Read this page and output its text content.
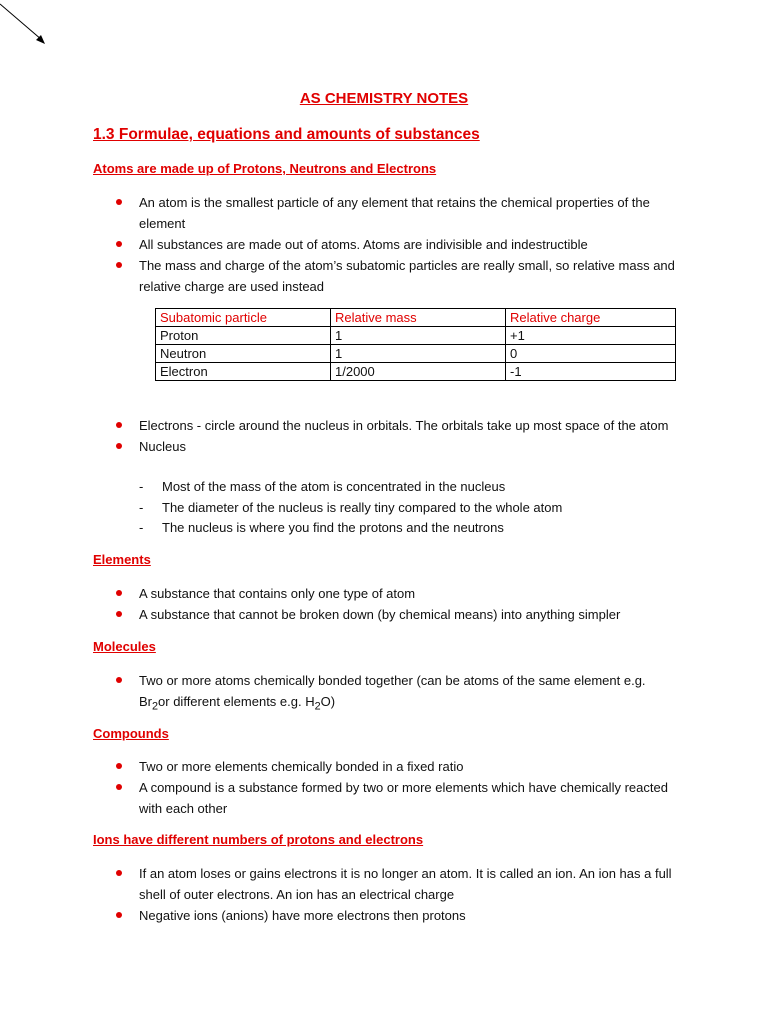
AS CHEMISTRY NOTES
1.3 Formulae, equations and amounts of substances
Atoms are made up of Protons, Neutrons and Electrons
An atom is the smallest particle of any element that retains the chemical properties of the element
All substances are made out of atoms. Atoms are indivisible and indestructible
The mass and charge of the atom’s subatomic particles are really small, so relative mass and relative charge are used instead
Subatomic particle	Relative mass	Relative charge
Proton	1	+1
Neutron	1	0
Electron	1/2000	-1
Electrons - circle around the nucleus in orbitals. The orbitals take up most space of the atom
Nucleus
- Most of the mass of the atom is concentrated in the nucleus
- The diameter of the nucleus is really tiny compared to the whole atom
- The nucleus is where you find the protons and the neutrons
Elements
A substance that contains only one type of atom
A substance that cannot be broken down (by chemical means) into anything simpler
Molecules
Two or more atoms chemically bonded together (can be atoms of the same element e.g. $Br_2or$ different elements e.g. $H_2O$)
Compounds
Two or more elements chemically bonded in a fixed ratio
A compound is a substance formed by two or more elements which have chemically reacted with each other
Ions have different numbers of protons and electrons
If an atom loses or gains electrons it is no longer an atom. It is called an ion. An ion has a full shell of outer electrons. An ion has an electrical charge
Negative ions (anions) have more electrons then protons
